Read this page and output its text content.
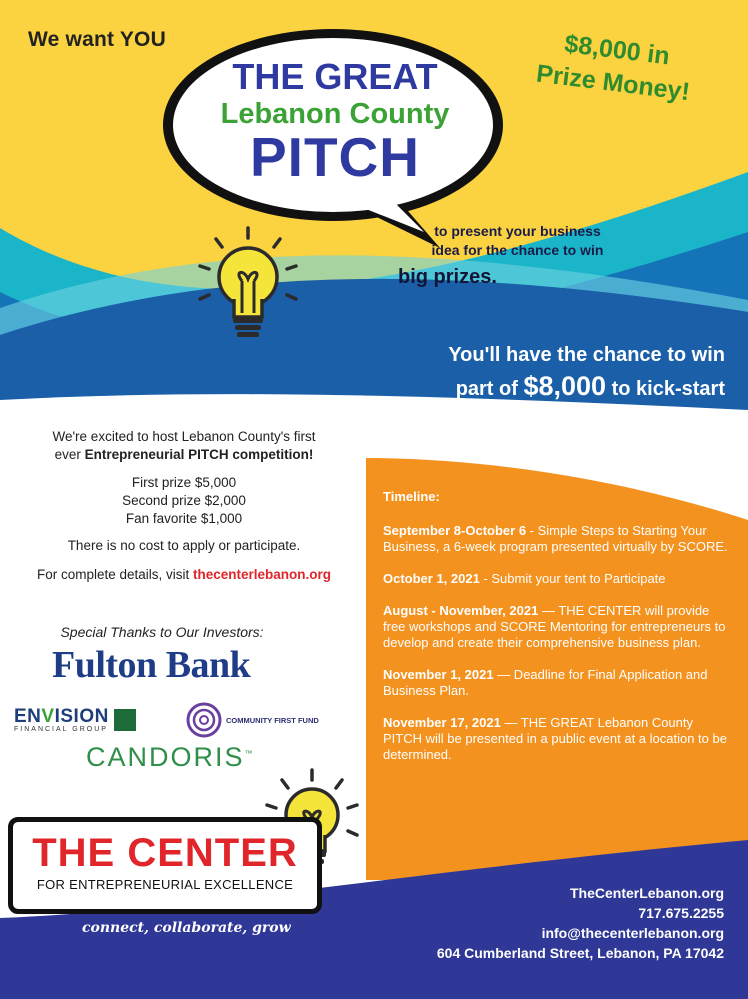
We want YOU	$8,000 in
Prize Money!
THE GREAT
Lebanon County
PITCH
to present your business
idea for the chance to win
big prizes.
You'll have the chance to win
part of $8,000 to kick-start
your dream business.
We're excited to host Lebanon County's first
ever Entrepreneurial PITCH competition!
First prize $5,000
Second prize $2,000
Fan favorite $1,000
There is no cost to apply or participate.
For complete details, visit thecenterlebanon.org
Special Thanks to Our Investors:
Fulton Bank
ENVISION
FINANCIAL GROUP
COMMUNITY FIRST FUND
CANDORIS™
Timeline:
September 8-October 6 - Simple Steps to Starting Your Business, a 6-week program presented virtually by SCORE.
October 1, 2021 - Submit your tent to Participate
August - November, 2021 — THE CENTER will provide free workshops and SCORE Mentoring for entrepreneurs to develop and create their comprehensive business plan.
November 1, 2021 — Deadline for Final Application and Business Plan.
November 17, 2021 — THE GREAT Lebanon County PITCH will be presented in a public event at a location to be determined.
THE CENTER
FOR ENTREPRENEURIAL EXCELLENCE
connect, collaborate, grow
TheCenterLebanon.org
717.675.2255
info@thecenterlebanon.org
604 Cumberland Street, Lebanon, PA 17042
